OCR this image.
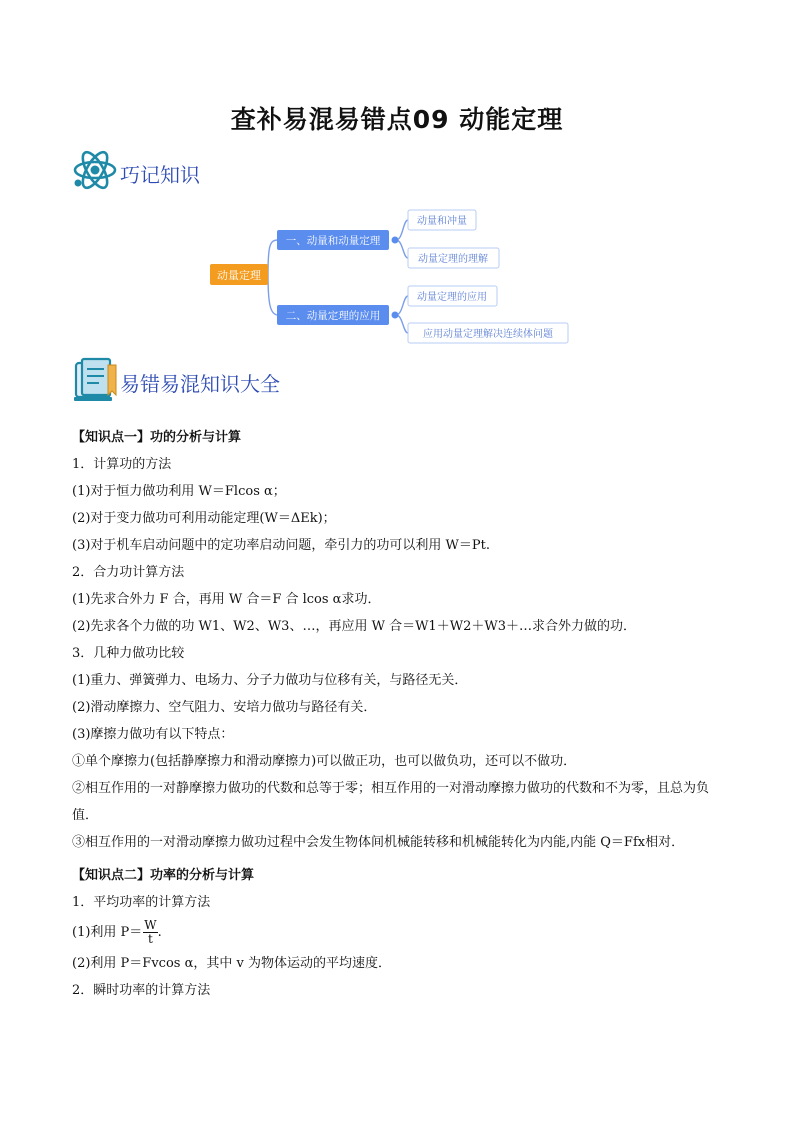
查补易混易错点09 动能定理
巧记知识
动量定理
一、动量和动量定理
二、动量定理的应用
动量和冲量
动量定理的理解
动量定理的应用
应用动量定理解决连续体问题
易错易混知识大全

【知识点一】功的分析与计算

1．计算功的方法

(1)对于恒力做功利用 W＝Flcos α；

(2)对于变力做功可利用动能定理(W＝ΔEk)；

(3)对于机车启动问题中的定功率启动问题，牵引力的功可以利用 W＝Pt.

2．合力功计算方法

(1)先求合外力 F 合，再用 W 合＝F 合 lcos α求功．

(2)先求各个力做的功 W1、W2、W3、…，再应用 W 合＝W1＋W2＋W3＋…求合外力做的功．

3．几种力做功比较

(1)重力、弹簧弹力、电场力、分子力做功与位移有关，与路径无关．

(2)滑动摩擦力、空气阻力、安培力做功与路径有关．

(3)摩擦力做功有以下特点：

①单个摩擦力(包括静摩擦力和滑动摩擦力)可以做正功，也可以做负功，还可以不做功．

②相互作用的一对静摩擦力做功的代数和总等于零；相互作用的一对滑动摩擦力做功的代数和不为零，且总为负值．

③相互作用的一对滑动摩擦力做功过程中会发生物体间机械能转移和机械能转化为内能,内能 Q＝Ffx相对．

【知识点二】功率的分析与计算

1．平均功率的计算方法

(1)利用 $P= \frac{W}{t}$ .

(2)利用 P＝Fvcos α，其中 v 为物体运动的平均速度．

2．瞬时功率的计算方法
